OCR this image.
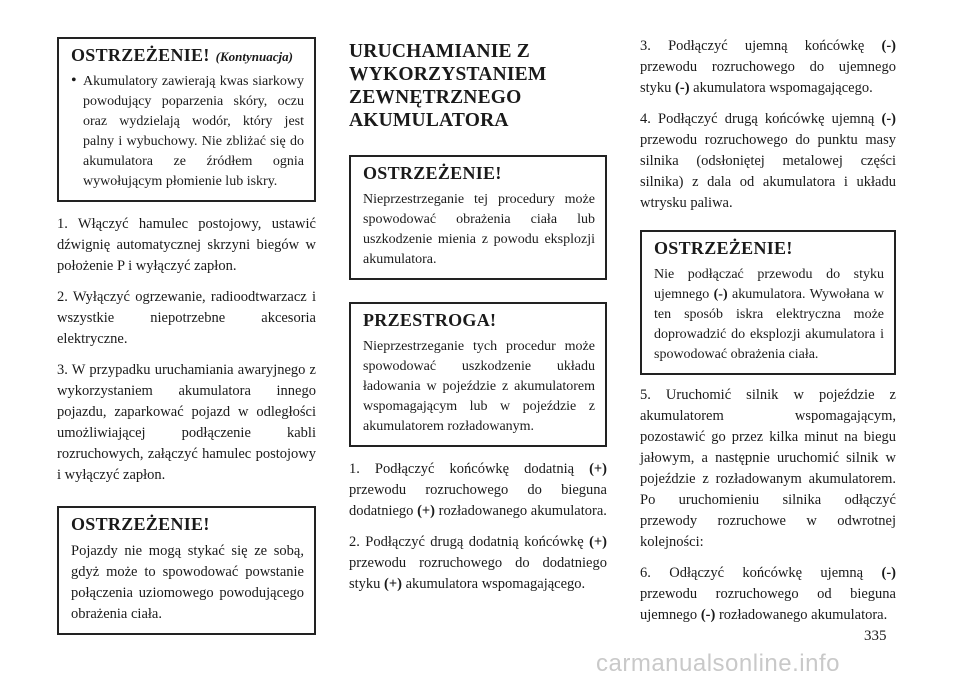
OSTRZEŻENIE! (Kontynuacja)

• Akumulatory zawierają kwas siarkowy powodujący poparzenia skóry, oczu oraz wydzielają wodór, który jest palny i wybuchowy. Nie zbliżać się do akumulatora ze źródłem ognia wywołującym płomienie lub iskry.

1. Włączyć hamulec postojowy, ustawić dźwignię automatycznej skrzyni biegów w położenie P i wyłączyć zapłon.

2. Wyłączyć ogrzewanie, radioodtwarzacz i wszystkie niepotrzebne akcesoria elektryczne.

3. W przypadku uruchamiania awaryjnego z wykorzystaniem akumulatora innego pojazdu, zaparkować pojazd w odległości umożliwiającej podłączenie kabli rozruchowych, załączyć hamulec postojowy i wyłączyć zapłon.

OSTRZEŻENIE!

Pojazdy nie mogą stykać się ze sobą, gdyż może to spowodować powstanie połączenia uziomowego powodującego obrażenia ciała.

URUCHAMIANIE Z WYKORZYSTANIEM ZEWNĘTRZNEGO AKUMULATORA

OSTRZEŻENIE!

Nieprzestrzeganie tej procedury może spowodować obrażenia ciała lub uszkodzenie mienia z powodu eksplozji akumulatora.

PRZESTROGA!

Nieprzestrzeganie tych procedur może spowodować uszkodzenie układu ładowania w pojeździe z akumulatorem wspomagającym lub w pojeździe z akumulatorem rozładowanym.

1. Podłączyć końcówkę dodatnią (+) przewodu rozruchowego do bieguna dodatniego (+) rozładowanego akumulatora.

2. Podłączyć drugą dodatnią końcówkę (+) przewodu rozruchowego do dodatniego styku (+) akumulatora wspomagającego.

3. Podłączyć ujemną końcówkę (-) przewodu rozruchowego do ujemnego styku (-) akumulatora wspomagającego.

4. Podłączyć drugą końcówkę ujemną (-) przewodu rozruchowego do punktu masy silnika (odsłoniętej metalowej części silnika) z dala od akumulatora i układu wtrysku paliwa.

OSTRZEŻENIE!

Nie podłączać przewodu do styku ujemnego (-) akumulatora. Wywołana w ten sposób iskra elektryczna może doprowadzić do eksplozji akumulatora i spowodować obrażenia ciała.

5. Uruchomić silnik w pojeździe z akumulatorem wspomagającym, pozostawić go przez kilka minut na biegu jałowym, a następnie uruchomić silnik w pojeździe z rozładowanym akumulatorem. Po uruchomieniu silnika odłączyć przewody rozruchowe w odwrotnej kolejności:

6. Odłączyć końcówkę ujemną (-) przewodu rozruchowego od bieguna ujemnego (-) rozładowanego akumulatora.

335
carmanualsonline.info
